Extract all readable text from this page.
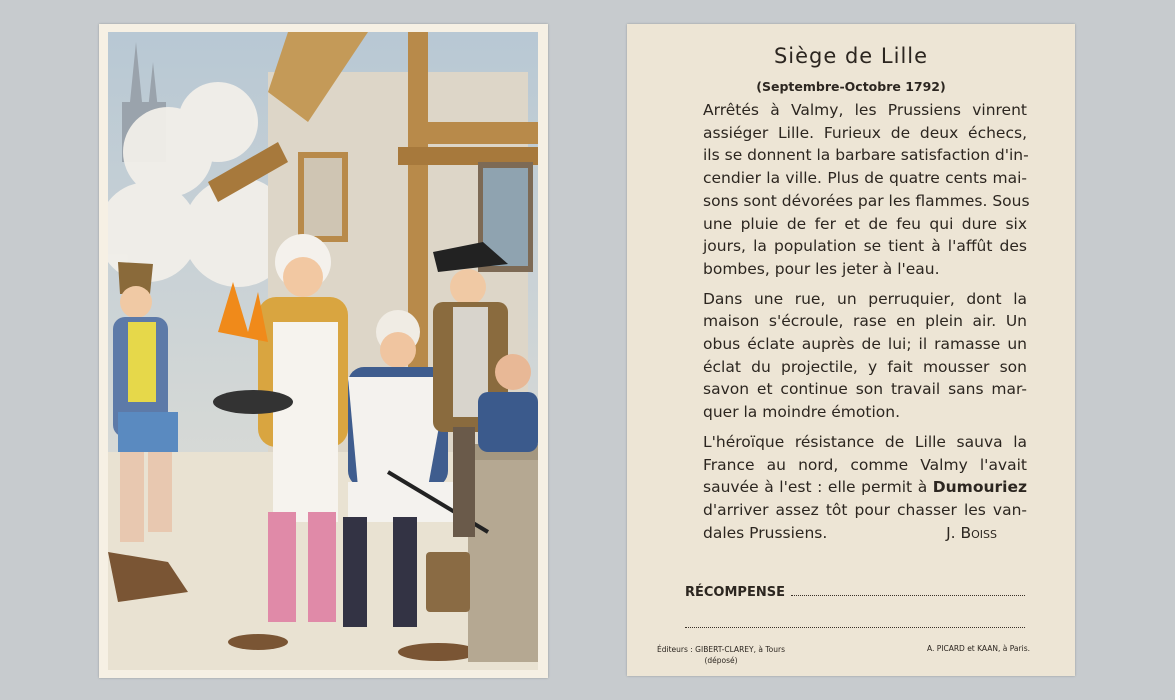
Siège de Lille
(Septembre-Octobre 1792)
Arrêtés à Valmy, les Prussiens vinrent
assiéger Lille. Furieux de deux échecs,
ils se donnent la barbare satisfaction d'in-
cendier la ville. Plus de quatre cents mai-
sons sont dévorées par les flammes. Sous
une pluie de fer et de feu qui dure six
jours, la population se tient à l'affût des
bombes, pour les jeter à l'eau.
Dans une rue, un perruquier, dont la
maison s'écroule, rase en plein air. Un
obus éclate auprès de lui; il ramasse un
éclat du projectile, y fait mousser son
savon et continue son travail sans mar-
quer la moindre émotion.
L'héroïque résistance de Lille sauva la
France au nord, comme Valmy l'avait
sauvée à l'est : elle permit à Dumouriez
d'arriver assez tôt pour chasser les van-
dales Prussiens.	J. Boiss
RÉCOMPENSE
Éditeurs : GIBERT-CLAREY, à Tours
(déposé)
A. PICARD et KAAN, à Paris.
